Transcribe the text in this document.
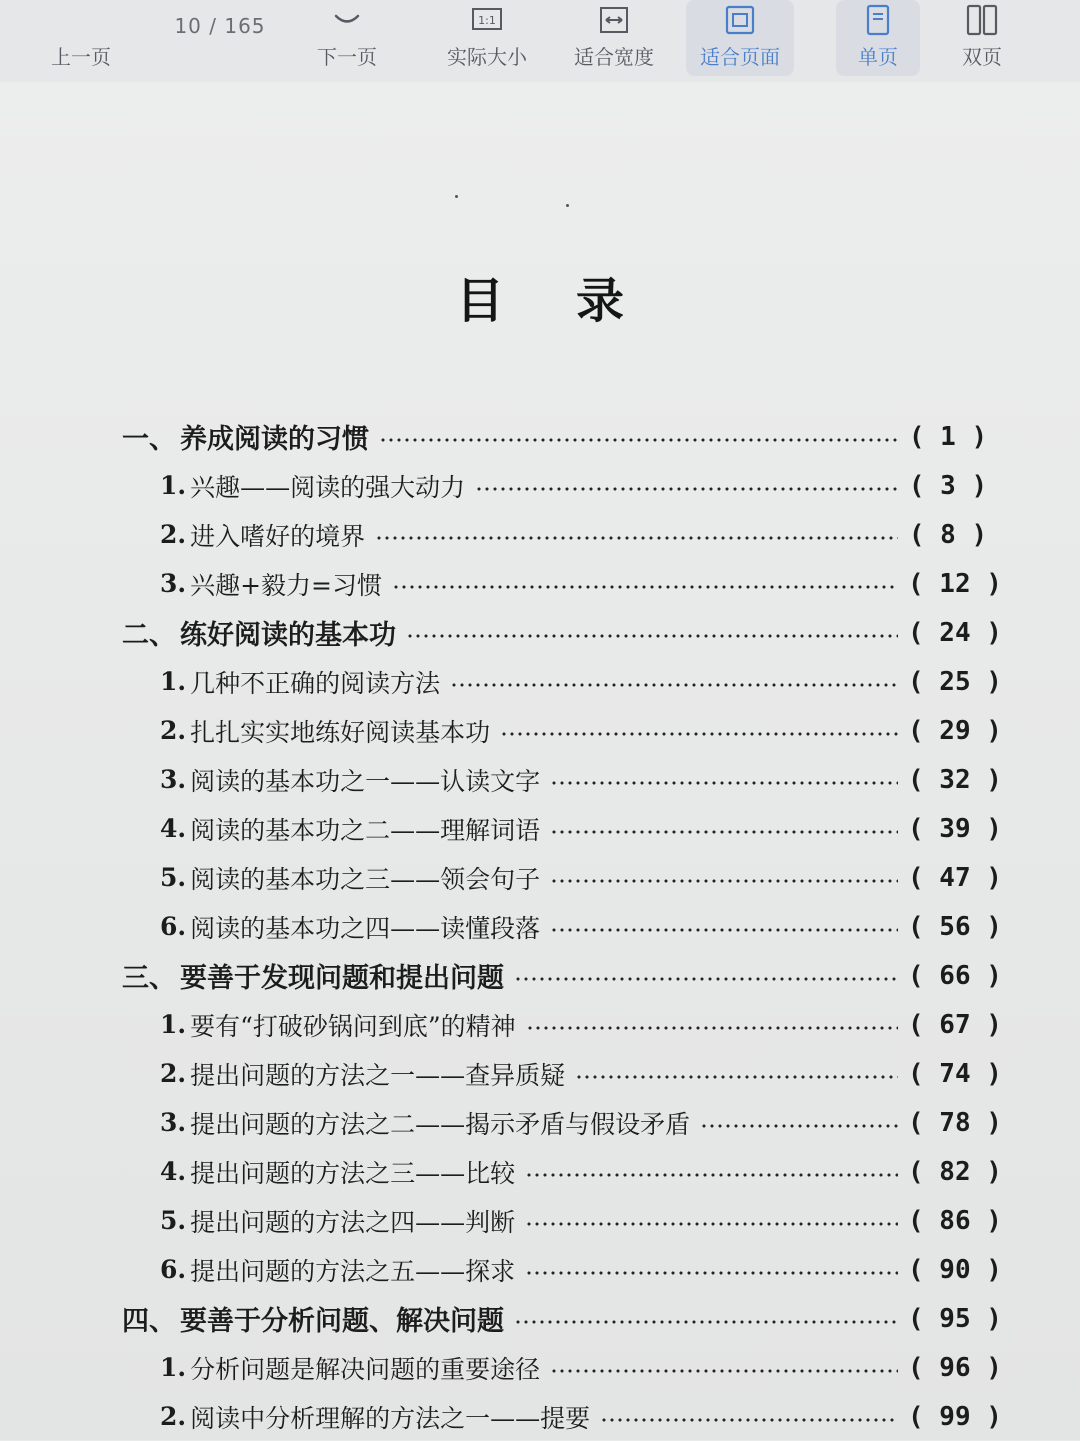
上一页
10 / 165
下一页
1:1
实际大小 适合宽度 适合页面	单页	双页
目录
一、 养成阅读的习惯	( 1 )
1. 兴趣——阅读的强大动力	( 3 )
2. 进入嗜好的境界	( 8 )
3. 兴趣+毅力=习惯	( 12 )
二、 练好阅读的基本功	( 24 )
1. 几种不正确的阅读方法	( 25 )
2. 扎扎实实地练好阅读基本功	( 29 )
3. 阅读的基本功之一——认读文字	( 32 )
4. 阅读的基本功之二——理解词语	( 39 )
5. 阅读的基本功之三——领会句子	( 47 )
6. 阅读的基本功之四——读懂段落	( 56 )
三、 要善于发现问题和提出问题	( 66 )
1. 要有“打破砂锅问到底”的精神	( 67 )
2. 提出问题的方法之一——查异质疑	( 74 )
3. 提出问题的方法之二——揭示矛盾与假设矛盾	( 78 )
4. 提出问题的方法之三——比较	( 82 )
5. 提出问题的方法之四——判断	( 86 )
6. 提出问题的方法之五——探求	( 90 )
四、 要善于分析问题、解决问题	( 95 )
1. 分析问题是解决问题的重要途径	( 96 )
2. 阅读中分析理解的方法之一——提要	( 99 )
